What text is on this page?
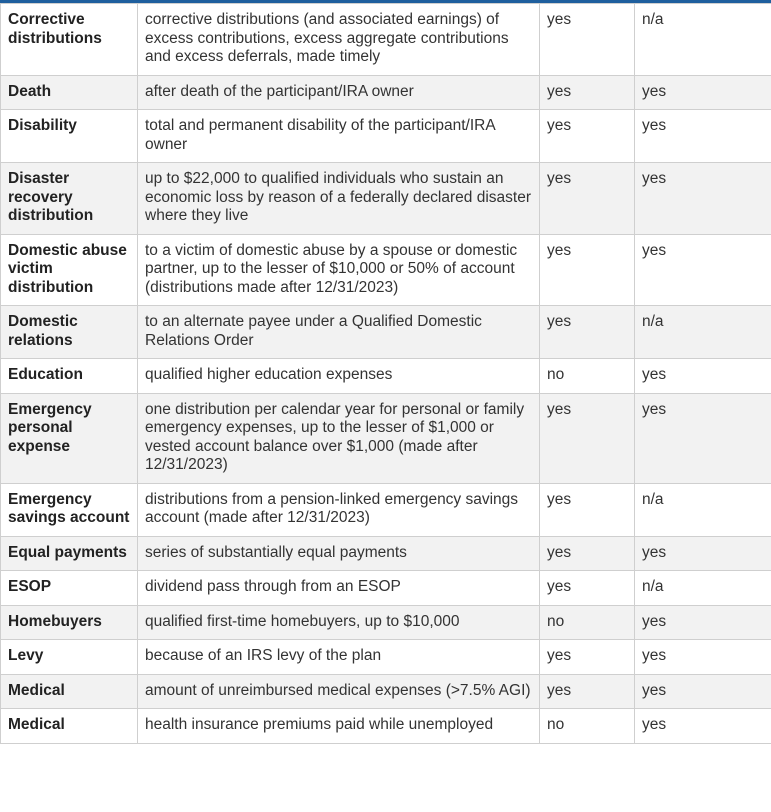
Corrective distributions	corrective distributions (and associated earnings) of excess contributions, excess aggregate contributions and excess deferrals, made timely	yes	n/a
Death	after death of the participant/IRA owner	yes	yes
Disability	total and permanent disability of the participant/IRA owner	yes	yes
Disaster recovery distribution	up to $22,000 to qualified individuals who sustain an economic loss by reason of a federally declared disaster where they live	yes	yes
Domestic abuse victim distribution	to a victim of domestic abuse by a spouse or domestic partner, up to the lesser of $10,000 or 50% of account (distributions made after 12/31/2023)	yes	yes
Domestic relations	to an alternate payee under a Qualified Domestic Relations Order	yes	n/a
Education	qualified higher education expenses	no	yes
Emergency personal expense	one distribution per calendar year for personal or family emergency expenses, up to the lesser of $1,000 or vested account balance over $1,000 (made after 12/31/2023)	yes	yes
Emergency savings account	distributions from a pension-linked emergency savings account (made after 12/31/2023)	yes	n/a
Equal payments	series of substantially equal payments	yes	yes
ESOP	dividend pass through from an ESOP	yes	n/a
Homebuyers	qualified first-time homebuyers, up to $10,000	no	yes
Levy	because of an IRS levy of the plan	yes	yes
Medical	amount of unreimbursed medical expenses (>7.5% AGI)	yes	yes
Medical	health insurance premiums paid while unemployed	no	yes
